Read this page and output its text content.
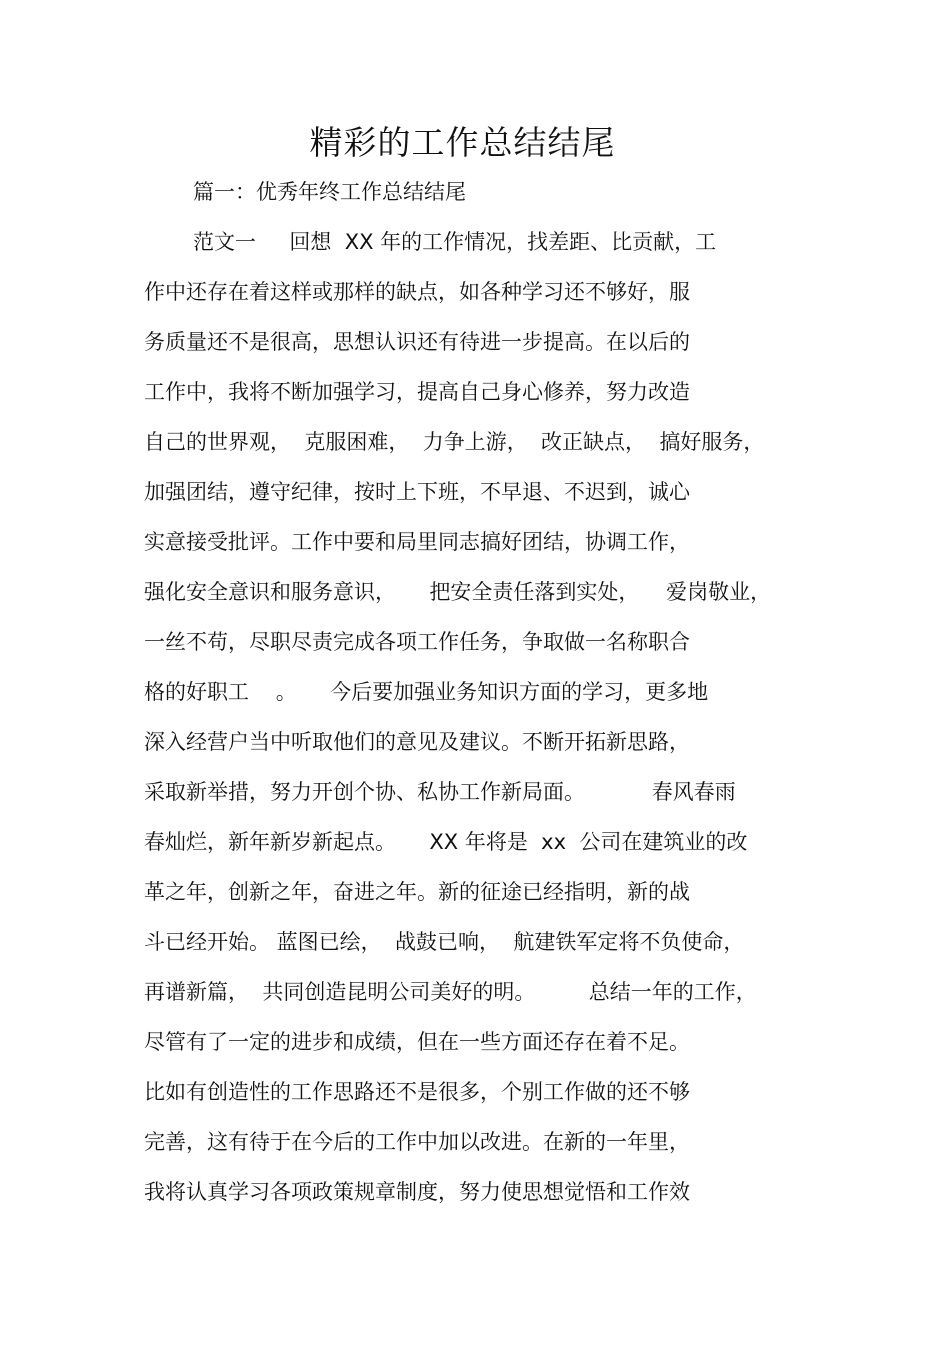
精彩的工作总结结尾

篇一：优秀年终工作总结结尾

范文一     回想  XX 年的工作情况，找差距、比贡献，工
作中还存在着这样或那样的缺点，如各种学习还不够好，服
务质量还不是很高，思想认识还有待进一步提高。在以后的
工作中，我将不断加强学习，提高自己身心修养，努力改造
自己的世界观，  克服困难，  力争上游，  改正缺点，  搞好服务，
加强团结，遵守纪律，按时上下班，不早退、不迟到，诚心
实意接受批评。工作中要和局里同志搞好团结，协调工作，
强化安全意识和服务意识，     把安全责任落到实处，    爱岗敬业，
一丝不苟，尽职尽责完成各项工作任务，争取做一名称职合
格的好职工    。     今后要加强业务知识方面的学习，更多地
深入经营户当中听取他们的意见及建议。不断开拓新思路，
采取新举措，努力开创个协、私协工作新局面。          春风春雨
春灿烂，新年新岁新起点。     XX 年将是  xx  公司在建筑业的改
革之年，创新之年，奋进之年。新的征途已经指明，新的战
斗已经开始。 蓝图已绘，  战鼓已响，  航建铁军定将不负使命，
再谱新篇，  共同创造昆明公司美好的明。        总结一年的工作，
尽管有了一定的进步和成绩，但在一些方面还存在着不足。
比如有创造性的工作思路还不是很多，个别工作做的还不够
完善，这有待于在今后的工作中加以改进。在新的一年里，
我将认真学习各项政策规章制度，努力使思想觉悟和工作效
